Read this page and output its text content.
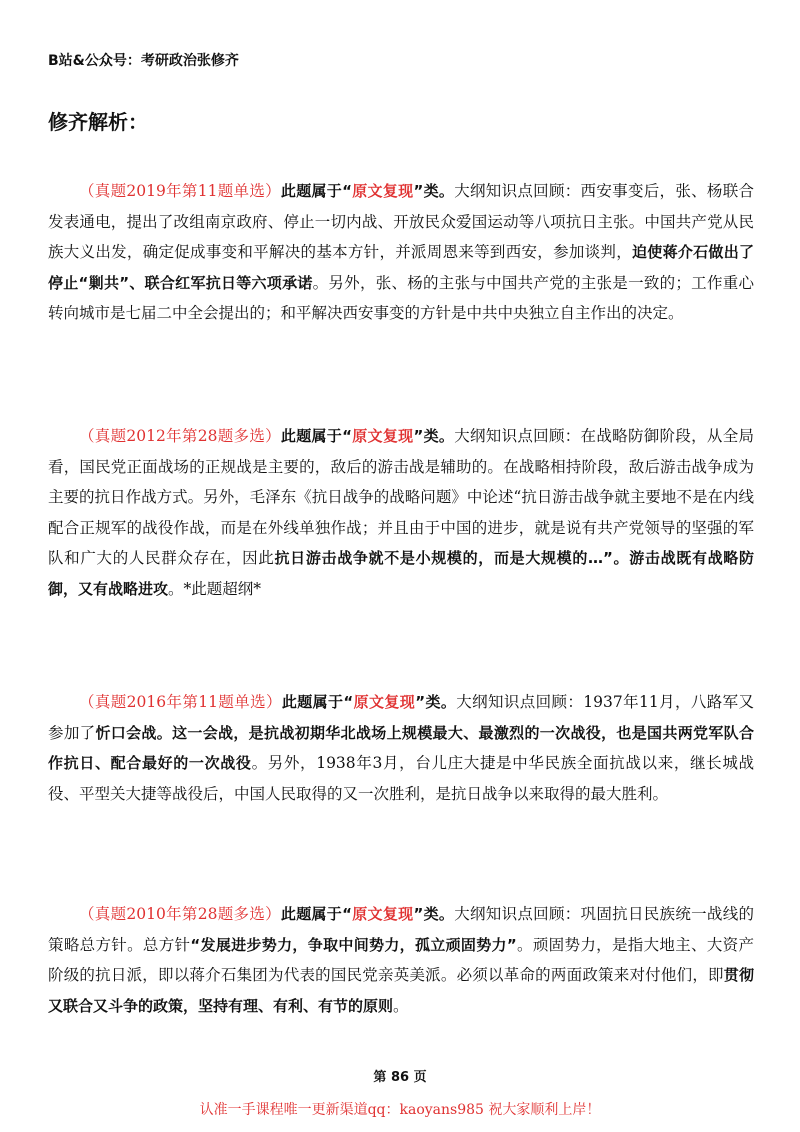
B站&公众号：考研政治张修齐
修齐解析：

（真题2019年第11题单选）此题属于“原文复现”类。大纲知识点回顾：西安事变后，张、杨联合发表通电，提出了改组南京政府、停止一切内战、开放民众爱国运动等八项抗日主张。中国共产党从民族大义出发，确定促成事变和平解决的基本方针，并派周恩来等到西安，参加谈判，迫使蒋介石做出了停止“剿共”、联合红军抗日等六项承诺。另外，张、杨的主张与中国共产党的主张是一致的；工作重心转向城市是七届二中全会提出的；和平解决西安事变的方针是中共中央独立自主作出的决定。

（真题2012年第28题多选）此题属于“原文复现”类。大纲知识点回顾：在战略防御阶段，从全局看，国民党正面战场的正规战是主要的，敌后的游击战是辅助的。在战略相持阶段，敌后游击战争成为主要的抗日作战方式。另外，毛泽东《抗日战争的战略问题》中论述“抗日游击战争就主要地不是在内线配合正规军的战役作战，而是在外线单独作战；并且由于中国的进步，就是说有共产党领导的坚强的军队和广大的人民群众存在，因此抗日游击战争就不是小规模的，而是大规模的…”。游击战既有战略防御，又有战略进攻。*此题超纲*

（真题2016年第11题单选）此题属于“原文复现”类。大纲知识点回顾：1937年11月，八路军又参加了忻口会战。这一会战，是抗战初期华北战场上规模最大、最激烈的一次战役，也是国共两党军队合作抗日、配合最好的一次战役。另外，1938年3月，台儿庄大捷是中华民族全面抗战以来，继长城战役、平型关大捷等战役后，中国人民取得的又一次胜利，是抗日战争以来取得的最大胜利。

（真题2010年第28题多选）此题属于“原文复现”类。大纲知识点回顾：巩固抗日民族统一战线的策略总方针。总方针“发展进步势力，争取中间势力，孤立顽固势力”。顽固势力，是指大地主、大资产阶级的抗日派，即以蒋介石集团为代表的国民党亲英美派。必须以革命的两面政策来对付他们，即贯彻又联合又斗争的政策，坚持有理、有利、有节的原则。

第 86 页
认准一手课程唯一更新渠道qq：kaoyans985 祝大家顺利上岸！
